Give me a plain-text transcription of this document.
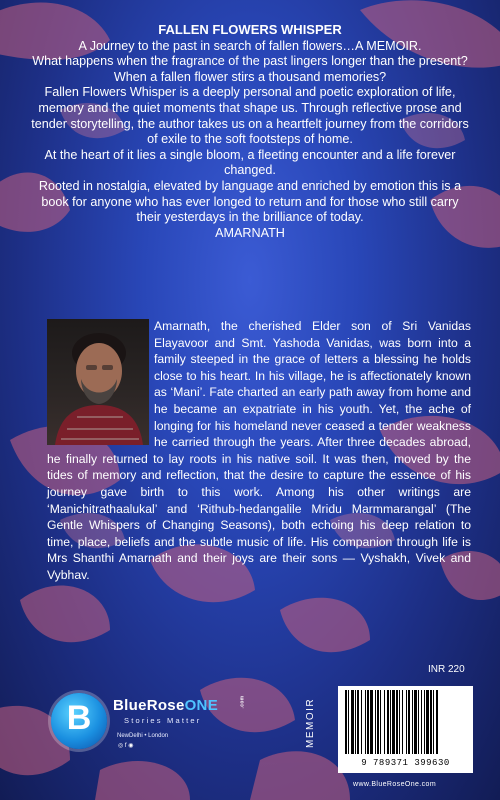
FALLEN FLOWERS WHISPER

A Journey to the past in search of fallen flowers…A MEMOIR.

What happens when the fragrance of the past lingers longer than the present? When a fallen flower stirs a thousand memories?

Fallen Flowers Whisper is a deeply personal and poetic exploration of life, memory and the quiet moments that shape us. Through reflective prose and tender storytelling, the author takes us on a heartfelt journey from the corridors of exile to the soft footsteps of home.

At the heart of it lies a single bloom, a fleeting encounter and a life forever changed.

Rooted in nostalgia, elevated by language and enriched by emotion this is a book for anyone who has ever longed to return and for those who still carry their yesterdays in the brilliance of today.

AMARNATH

Amarnath, the cherished Elder son of Sri Vanidas Elayavoor and Smt. Yashoda Vanidas, was born into a family steeped in the grace of letters a blessing he holds close to his heart. In his village, he is affectionately known as ‘Mani’. Fate charted an early path away from home and he became an expatriate in his youth. Yet, the ache of longing for his homeland never ceased a tender weakness he carried through the years. After three decades abroad, he finally returned to lay roots in his native soil. It was then, moved by the tides of memory and reflection, that the desire to capture the essence of his journey gave birth to this work. Among his other writings are ‘Manichitrathaalukal’ and ‘Rithub-hedangalile Mridu Marmmarangal’ (The Gentle Whispers of Changing Seasons), both echoing his deep relation to time, place, beliefs and the subtle music of life. His companion through life is Mrs Shanthi Amarnath and their joys are their sons — Vyshakh, Vivek and Vybhav.
B	BlueRoseONE	.com
Stories Matter
NewDelhi • London
◎ f ◉	MEMOIR
INR 220
9 789371 399630
www.BlueRoseOne.com
